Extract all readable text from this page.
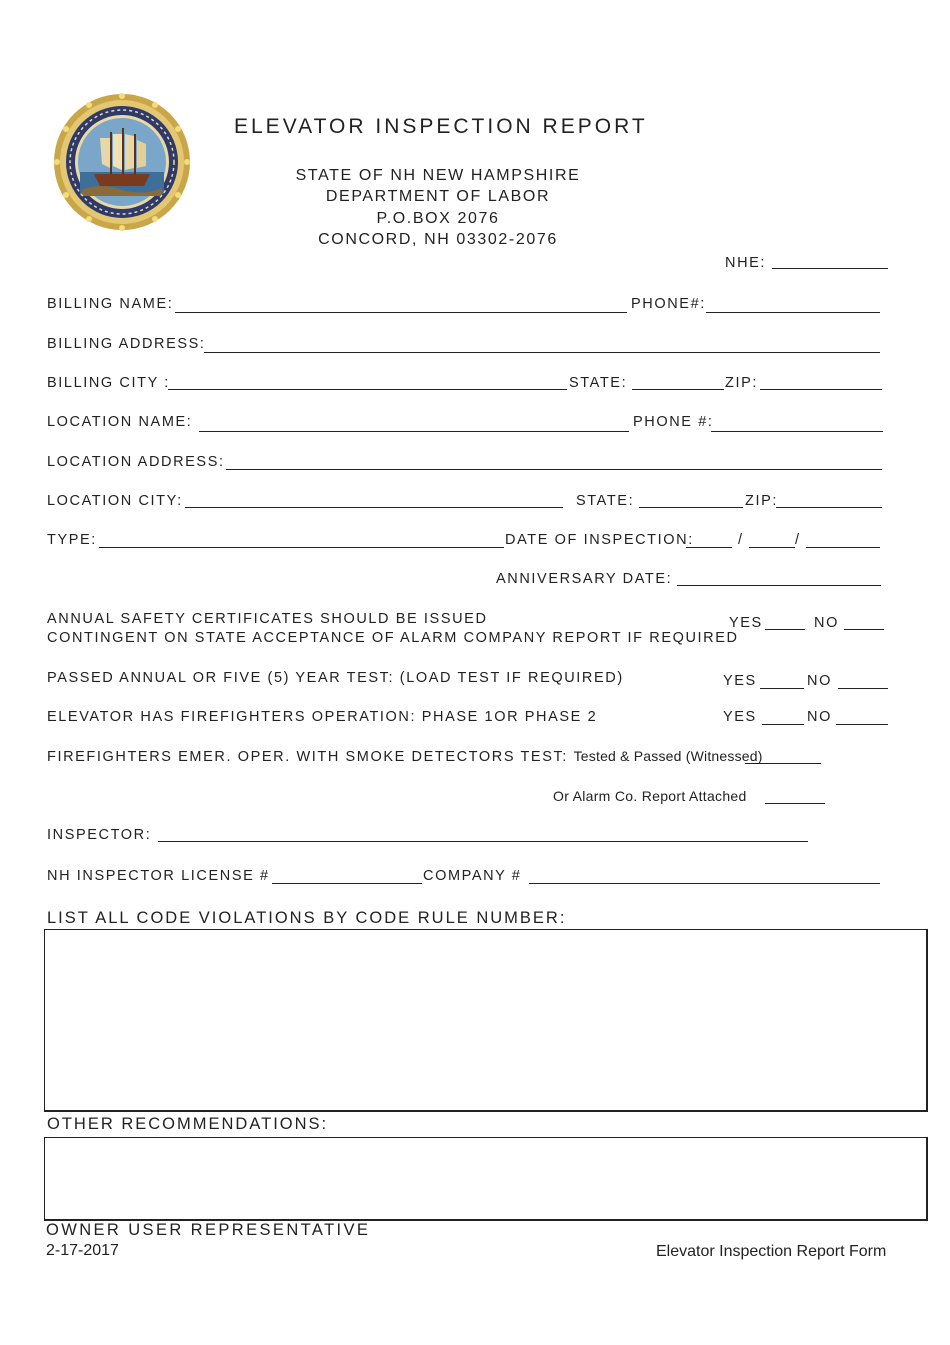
ELEVATOR INSPECTION REPORT
STATE OF NH NEW HAMPSHIRE
DEPARTMENT OF LABOR
P.O.BOX 2076
CONCORD, NH 03302-2076
NHE:
BILLING NAME:	PHONE#:
BILLING ADDRESS:
BILLING CITY :	STATE:	ZIP:
LOCATION NAME:	PHONE #:
LOCATION ADDRESS:
LOCATION CITY:	STATE:	ZIP:
TYPE:	DATE OF INSPECTION:	/	/
ANNIVERSARY DATE:
ANNUAL SAFETY CERTIFICATES SHOULD BE ISSUED
CONTINGENT ON STATE ACCEPTANCE OF ALARM COMPANY REPORT IF REQUIRED
YES	NO
PASSED ANNUAL OR FIVE (5) YEAR TEST: (LOAD TEST IF REQUIRED)	YES	NO
ELEVATOR HAS FIREFIGHTERS OPERATION: PHASE 1OR PHASE 2	YES	NO
FIREFIGHTERS EMER. OPER. WITH SMOKE DETECTORS TEST: Tested & Passed (Witnessed)
Or Alarm Co. Report Attached
INSPECTOR:
NH INSPECTOR LICENSE #	COMPANY #
LIST ALL CODE VIOLATIONS BY CODE RULE NUMBER:
OTHER RECOMMENDATIONS:
OWNER USER REPRESENTATIVE
2-17-2017	Elevator Inspection Report Form
